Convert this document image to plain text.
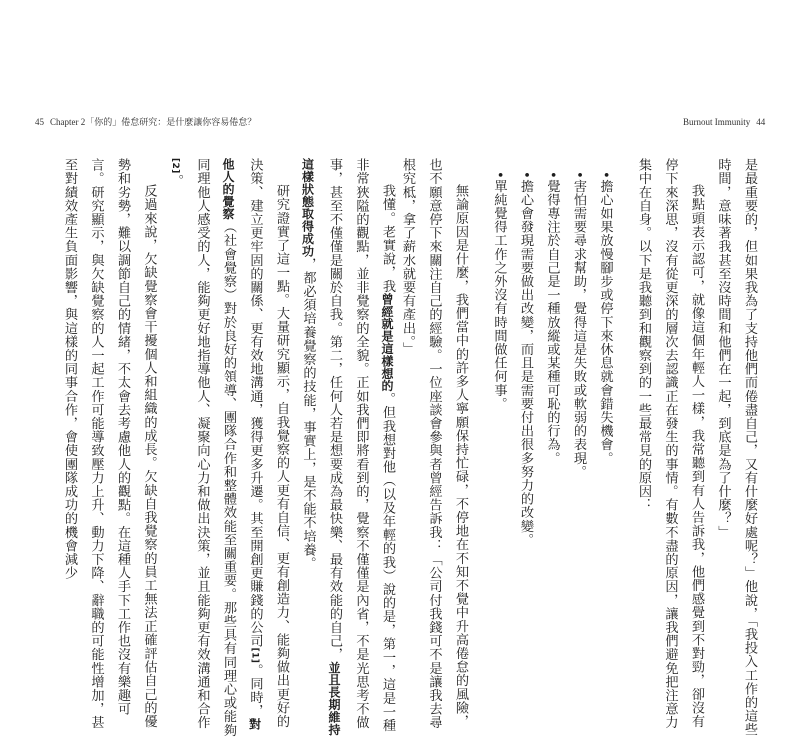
45 Chapter 2「你的」倦怠研究：是什麼讓你容易倦怠？	Burnout Immunity 44

是最重要的，但如果我為了支持他們而倦盡自己，又有什麼好處呢？」他說，「我投入工作的這些時間，意味著我甚至沒時間和他們在一起，到底是為了什麼？」

我點頭表示認可，就像這個年輕人一樣，我常聽到有人告訴我，他們感覺到不對勁，卻沒有停下來深思，沒有從更深的層次去認識正在發生的事情。有數不盡的原因，讓我們避免把注意力集中在自身。以下是我聽到和觀察到的一些最常見的原因：

•擔心如果放慢腳步或停下來休息就會錯失機會。

•害怕需要尋求幫助，覺得這是失敗或軟弱的表現。

•覺得專注於自己是一種放縱或某種可恥的行為。

•擔心會發現需要做出改變，而且是需要付出很多努力的改變。

•單純覺得工作之外沒有時間做任何事。

無論原因是什麼，我們當中的許多人寧願保持忙碌，不停地在不知不覺中升高倦怠的風險，也不願意停下來關注自己的經驗。一位座談會參與者曾經告訴我：「公司付我錢可不是讓我去尋根究柢，拿了薪水就要有產出。」

我懂。老實說，我曾經就是這樣想的。但我想對他（以及年輕的我）說的是，第一，這是一種非常狹隘的觀點，並非覺察的全貌。正如我們即將看到的，覺察不僅僅是內省，不是光思考不做事，甚至不僅僅是關於自我。第二，任何人若是想要成為最快樂、最有效能的自己，並且長期維持這樣狀態取得成功，都必須培養覺察的技能，事實上，是不能不培養。

研究證實了這一點。大量研究顯示，自我覺察的人更有自信、更有創造力、能夠做出更好的決策、建立更牢固的關係、更有效地溝通，獲得更多升遷。其至開創更賺錢的公司[1]。同時，對他人的覺察（社會覺察）對於良好的領導、團隊合作和整體效能至關重要。那些具有同理心或能夠同理他人感受的人，能夠更好地指導他人、凝聚向心力和做出決策，並且能夠更有效溝通和合作[2]。

反過來說，欠缺覺察會干擾個人和組織的成長。欠缺自我覺察的員工無法正確評估自己的優勢和劣勢，難以調節自己的情緒，不太會去考慮他人的觀點。在這種人手下工作也沒有樂趣可言。研究顯示，與欠缺覺察的人一起工作可能導致壓力上升、動力下降、辭職的可能性增加，甚至對績效產生負面影響，與這樣的同事合作，會使團隊成功的機會減少
